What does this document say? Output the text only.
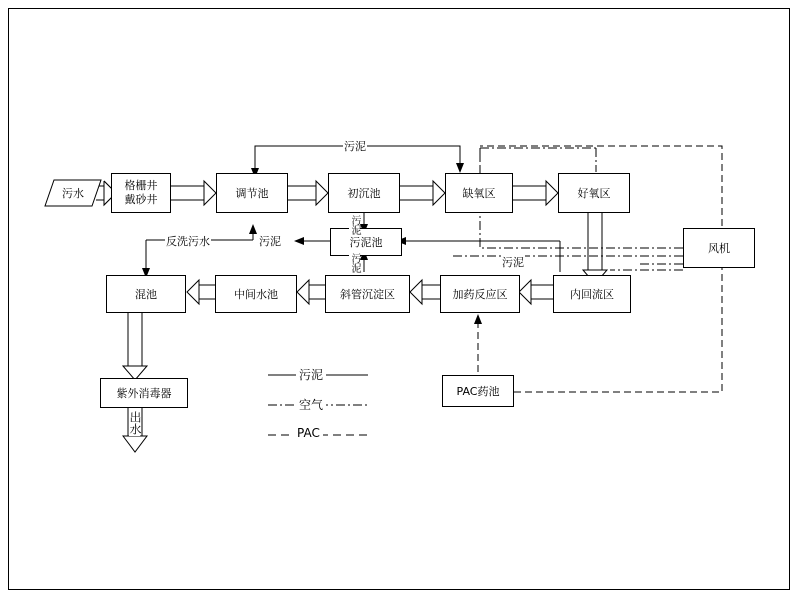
污水
格栅井
戴砂井	调节池	初沉池	缺氧区	好氧区
风机
污泥池
混池	中间水池	斜管沉淀区	加药反应区	内回流区
紫外消毒器	PAC药池
出水
污泥
反洗污水	污泥
污泥
污泥
污泥
污泥
空气
PAC
